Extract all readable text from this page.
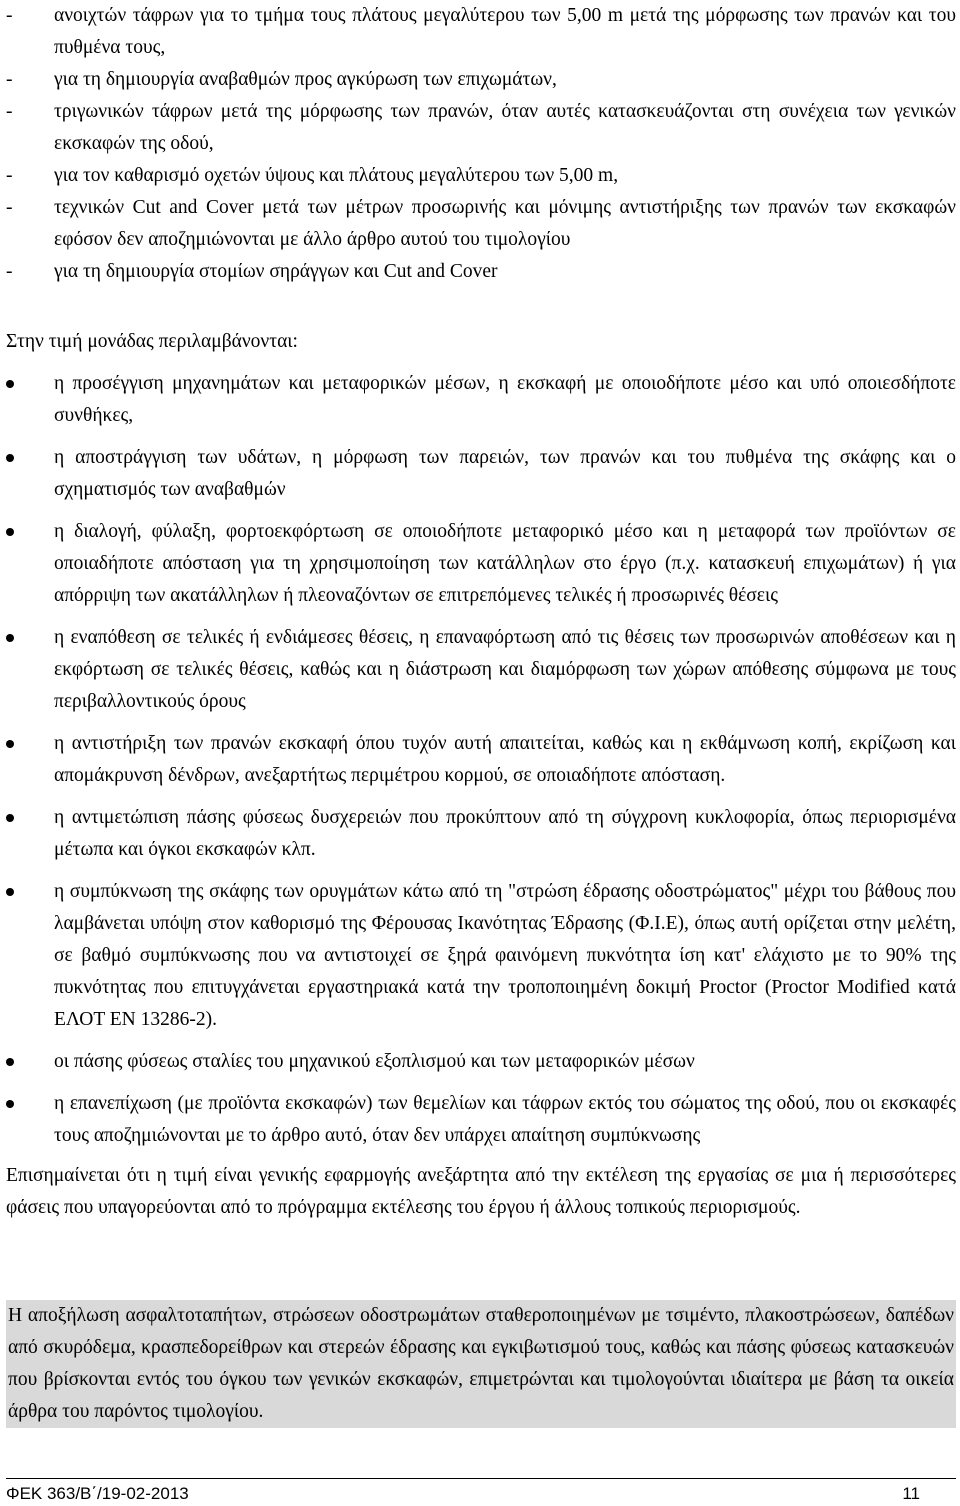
- ανοιχτών τάφρων για το τμήμα τους πλάτους μεγαλύτερου των 5,00 m μετά της μόρφωσης των πρανών και του πυθμένα τους,
- για τη δημιουργία αναβαθμών προς αγκύρωση των επιχωμάτων,
- τριγωνικών τάφρων μετά της μόρφωσης των πρανών, όταν αυτές κατασκευάζονται στη συνέχεια των γενικών εκσκαφών της οδού,
- για τον καθαρισμό οχετών ύψους και πλάτους μεγαλύτερου των 5,00 m,
- τεχνικών Cut and Cover μετά των μέτρων προσωρινής και μόνιμης αντιστήριξης των πρανών των εκσκαφών εφόσον δεν αποζημιώνονται με άλλο άρθρο αυτού του τιμολογίου
- για τη δημιουργία στομίων σηράγγων και Cut and Cover
Στην τιμή μονάδας περιλαμβάνονται:
η προσέγγιση μηχανημάτων και μεταφορικών μέσων, η εκσκαφή με οποιοδήποτε μέσο και υπό οποιεσδήποτε συνθήκες,
η αποστράγγιση των υδάτων, η μόρφωση των παρειών, των πρανών και του πυθμένα της σκάφης και ο σχηματισμός των αναβαθμών
η διαλογή, φύλαξη, φορτοεκφόρτωση σε οποιοδήποτε μεταφορικό μέσο και η μεταφορά των προϊόντων σε οποιαδήποτε απόσταση για τη χρησιμοποίηση των κατάλληλων στο έργο (π.χ. κατασκευή επιχωμάτων) ή για απόρριψη των ακατάλληλων ή πλεοναζόντων σε επιτρεπόμενες τελικές ή προσωρινές θέσεις
η εναπόθεση σε τελικές ή ενδιάμεσες θέσεις, η επαναφόρτωση από τις θέσεις των προσωρινών αποθέσεων και η εκφόρτωση σε τελικές θέσεις, καθώς και η διάστρωση και διαμόρφωση των χώρων απόθεσης σύμφωνα με τους περιβαλλοντικούς όρους
η αντιστήριξη των πρανών εκσκαφή όπου τυχόν αυτή απαιτείται, καθώς και η εκθάμνωση κοπή, εκρίζωση και απομάκρυνση δένδρων, ανεξαρτήτως περιμέτρου κορμού, σε οποιαδήποτε απόσταση.
η αντιμετώπιση πάσης φύσεως δυσχερειών που προκύπτουν από τη σύγχρονη κυκλοφορία, όπως περιορισμένα μέτωπα και όγκοι εκσκαφών κλπ.
η συμπύκνωση της σκάφης των ορυγμάτων κάτω από τη "στρώση έδρασης οδοστρώματος" μέχρι του βάθους που λαμβάνεται υπόψη στον καθορισμό της Φέρουσας Ικανότητας Έδρασης (Φ.Ι.Ε), όπως αυτή ορίζεται στην μελέτη, σε βαθμό συμπύκνωσης που να αντιστοιχεί σε ξηρά φαινόμενη πυκνότητα ίση κατ' ελάχιστο με το 90% της πυκνότητας που επιτυγχάνεται εργαστηριακά κατά την τροποποιημένη δοκιμή Proctor (Proctor Modified κατά ΕΛΟΤ ΕΝ 13286-2).
οι πάσης φύσεως σταλίες του μηχανικού εξοπλισμού και των μεταφορικών μέσων
η επανεπίχωση (με προϊόντα εκσκαφών) των θεμελίων και τάφρων εκτός του σώματος της οδού, που οι εκσκαφές τους αποζημιώνονται με το άρθρο αυτό, όταν δεν υπάρχει απαίτηση συμπύκνωσης
Επισημαίνεται ότι η τιμή είναι γενικής εφαρμογής ανεξάρτητα από την εκτέλεση της εργασίας σε μια ή περισσότερες φάσεις που υπαγορεύονται από το πρόγραμμα εκτέλεσης του έργου ή άλλους τοπικούς περιορισμούς.
Η αποξήλωση ασφαλτοταπήτων, στρώσεων οδοστρωμάτων σταθεροποιημένων με τσιμέντο, πλακοστρώσεων, δαπέδων από σκυρόδεμα, κρασπεδορείθρων και στερεών έδρασης και εγκιβωτισμού τους, καθώς και πάσης φύσεως κατασκευών που βρίσκονται εντός του όγκου των γενικών εκσκαφών, επιμετρώνται και τιμολογούνται ιδιαίτερα με βάση τα οικεία άρθρα του παρόντος τιμολογίου.
ΦΕΚ 363/Β΄/19-02-2013	11
